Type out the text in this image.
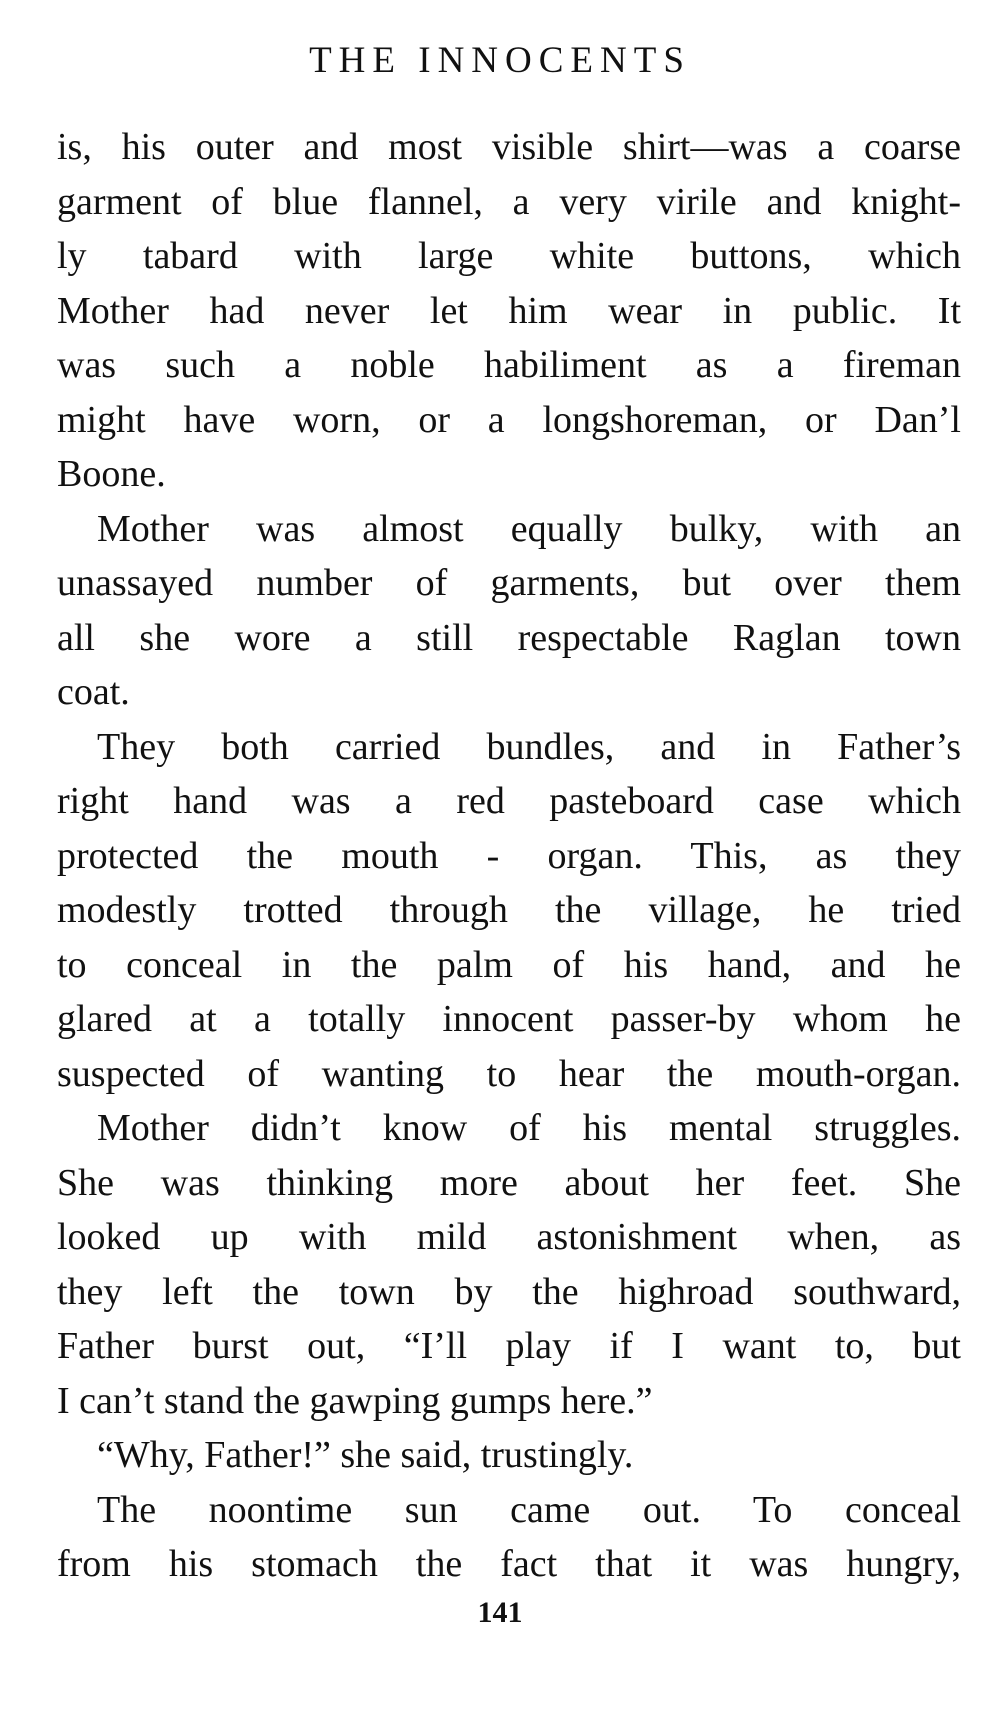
THE INNOCENTS
is, his outer and most visible shirt—was a coarse
garment of blue flannel, a very virile and knight-
ly tabard with large white buttons, which
Mother had never let him wear in public. It
was such a noble habiliment as a fireman
might have worn, or a longshoreman, or Dan’l
Boone.
Mother was almost equally bulky, with an
unassayed number of garments, but over them
all she wore a still respectable Raglan town
coat.
They both carried bundles, and in Father’s
right hand was a red pasteboard case which
protected the mouth - organ. This, as they
modestly trotted through the village, he tried
to conceal in the palm of his hand, and he
glared at a totally innocent passer-by whom he
suspected of wanting to hear the mouth-organ.
Mother didn’t know of his mental struggles.
She was thinking more about her feet. She
looked up with mild astonishment when, as
they left the town by the highroad southward,
Father burst out, “I’ll play if I want to, but
I can’t stand the gawping gumps here.”
“Why, Father!” she said, trustingly.
The noontime sun came out. To conceal
from his stomach the fact that it was hungry,
141
